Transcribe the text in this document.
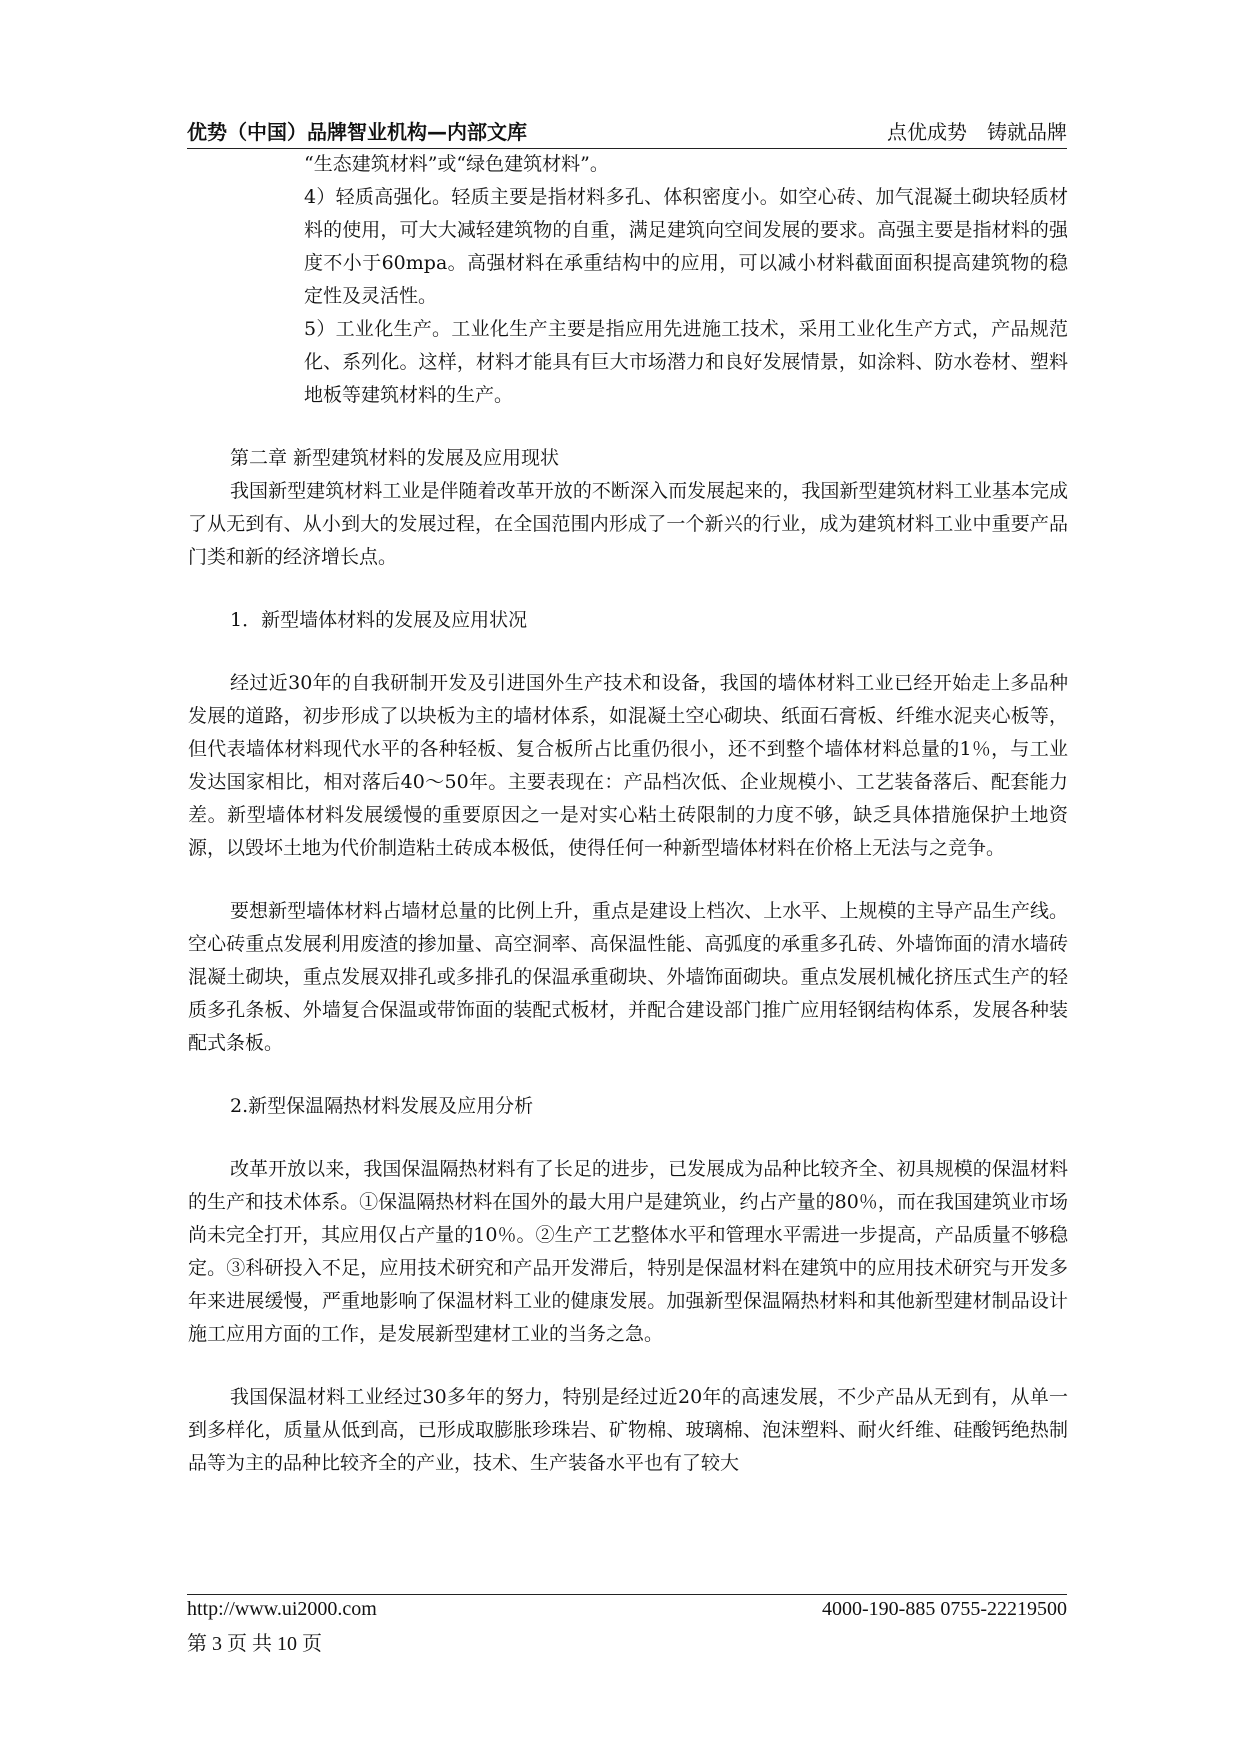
优势（中国）品牌智业机构—内部文库	点优成势　铸就品牌

“生态建筑材料”或“绿色建筑材料”。

4）轻质高强化。轻质主要是指材料多孔、体积密度小。如空心砖、加气混凝土砌块轻质材料的使用，可大大减轻建筑物的自重，满足建筑向空间发展的要求。高强主要是指材料的强度不小于60mpa。高强材料在承重结构中的应用，可以减小材料截面面积提高建筑物的稳定性及灵活性。

5）工业化生产。工业化生产主要是指应用先进施工技术，采用工业化生产方式，产品规范化、系列化。这样，材料才能具有巨大市场潜力和良好发展情景，如涂料、防水卷材、塑料地板等建筑材料的生产。

第二章 新型建筑材料的发展及应用现状

我国新型建筑材料工业是伴随着改革开放的不断深入而发展起来的，我国新型建筑材料工业基本完成了从无到有、从小到大的发展过程，在全国范围内形成了一个新兴的行业，成为建筑材料工业中重要产品门类和新的经济增长点。

1．新型墙体材料的发展及应用状况

经过近30年的自我研制开发及引进国外生产技术和设备，我国的墙体材料工业已经开始走上多品种发展的道路，初步形成了以块板为主的墙材体系，如混凝土空心砌块、纸面石膏板、纤维水泥夹心板等，但代表墙体材料现代水平的各种轻板、复合板所占比重仍很小，还不到整个墙体材料总量的1％，与工业发达国家相比，相对落后40～50年。主要表现在：产品档次低、企业规模小、工艺装备落后、配套能力差。新型墙体材料发展缓慢的重要原因之一是对实心粘土砖限制的力度不够，缺乏具体措施保护土地资源，以毁坏土地为代价制造粘土砖成本极低，使得任何一种新型墙体材料在价格上无法与之竞争。

要想新型墙体材料占墙材总量的比例上升，重点是建设上档次、上水平、上规模的主导产品生产线。空心砖重点发展利用废渣的掺加量、高空洞率、高保温性能、高弧度的承重多孔砖、外墙饰面的清水墙砖混凝土砌块，重点发展双排孔或多排孔的保温承重砌块、外墙饰面砌块。重点发展机械化挤压式生产的轻质多孔条板、外墙复合保温或带饰面的装配式板材，并配合建设部门推广应用轻钢结构体系，发展各种装配式条板。

2.新型保温隔热材料发展及应用分析

改革开放以来，我国保温隔热材料有了长足的进步，已发展成为品种比较齐全、初具规模的保温材料的生产和技术体系。①保温隔热材料在国外的最大用户是建筑业，约占产量的80％，而在我国建筑业市场尚未完全打开，其应用仅占产量的10％。②生产工艺整体水平和管理水平需进一步提高，产品质量不够稳定。③科研投入不足，应用技术研究和产品开发滞后，特别是保温材料在建筑中的应用技术研究与开发多年来进展缓慢，严重地影响了保温材料工业的健康发展。加强新型保温隔热材料和其他新型建材制品设计施工应用方面的工作，是发展新型建材工业的当务之急。

我国保温材料工业经过30多年的努力，特别是经过近20年的高速发展，不少产品从无到有，从单一到多样化，质量从低到高，已形成取膨胀珍珠岩、矿物棉、玻璃棉、泡沫塑料、耐火纤维、硅酸钙绝热制品等为主的品种比较齐全的产业，技术、生产装备水平也有了较大

http://www.ui2000.com	4000-190-885 0755-22219500
第 3 页 共 10 页
